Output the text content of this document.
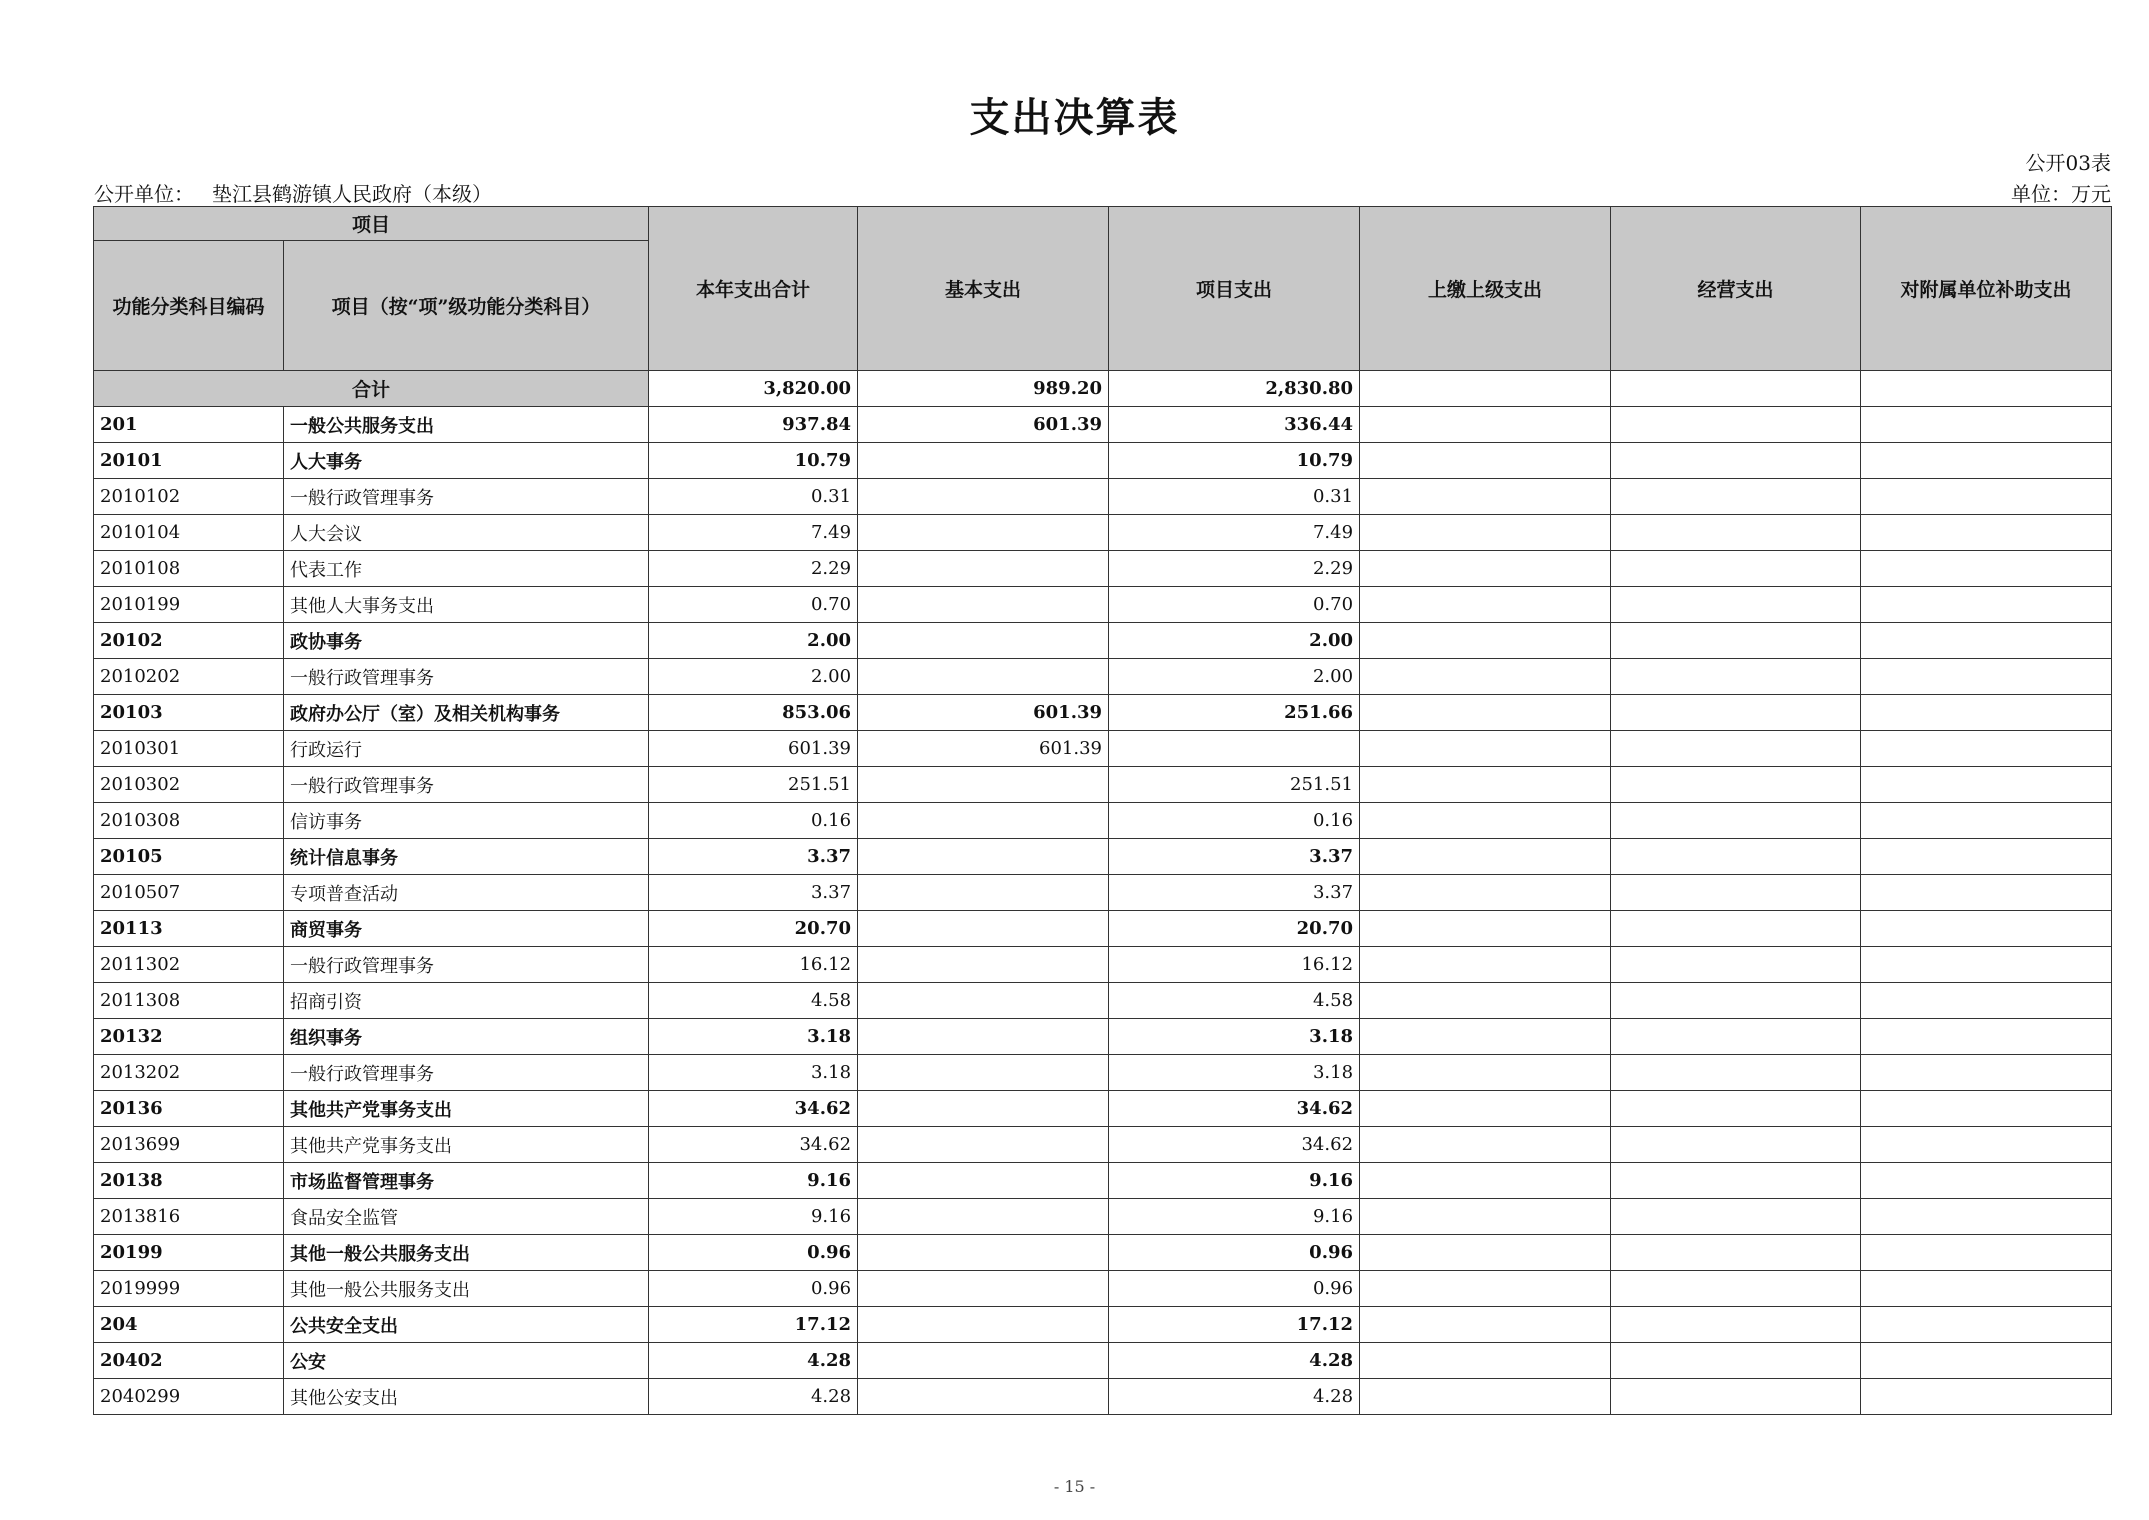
支出决算表
公开03表
公开单位： 垫江县鹤游镇人民政府（本级）	单位：万元
项目		本年支出合计	基本支出	项目支出	上缴上级支出	经营支出	对附属单位补助支出
功能分类科目编码	项目（按“项”级功能分类科目）						
合计		3,820.00	989.20	2,830.80			
201	一般公共服务支出	937.84	601.39	336.44			
20101	人大事务	10.79		10.79			
2010102	一般行政管理事务	0.31		0.31			
2010104	人大会议	7.49		7.49			
2010108	代表工作	2.29		2.29			
2010199	其他人大事务支出	0.70		0.70			
20102	政协事务	2.00		2.00			
2010202	一般行政管理事务	2.00		2.00			
20103	政府办公厅（室）及相关机构事务	853.06	601.39	251.66			
2010301	行政运行	601.39	601.39				
2010302	一般行政管理事务	251.51		251.51			
2010308	信访事务	0.16		0.16			
20105	统计信息事务	3.37		3.37			
2010507	专项普查活动	3.37		3.37			
20113	商贸事务	20.70		20.70			
2011302	一般行政管理事务	16.12		16.12			
2011308	招商引资	4.58		4.58			
20132	组织事务	3.18		3.18			
2013202	一般行政管理事务	3.18		3.18			
20136	其他共产党事务支出	34.62		34.62			
2013699	其他共产党事务支出	34.62		34.62			
20138	市场监督管理事务	9.16		9.16			
2013816	食品安全监管	9.16		9.16			
20199	其他一般公共服务支出	0.96		0.96			
2019999	其他一般公共服务支出	0.96		0.96			
204	公共安全支出	17.12		17.12			
20402	公安	4.28		4.28			
2040299	其他公安支出	4.28		4.28			
- 15 -
